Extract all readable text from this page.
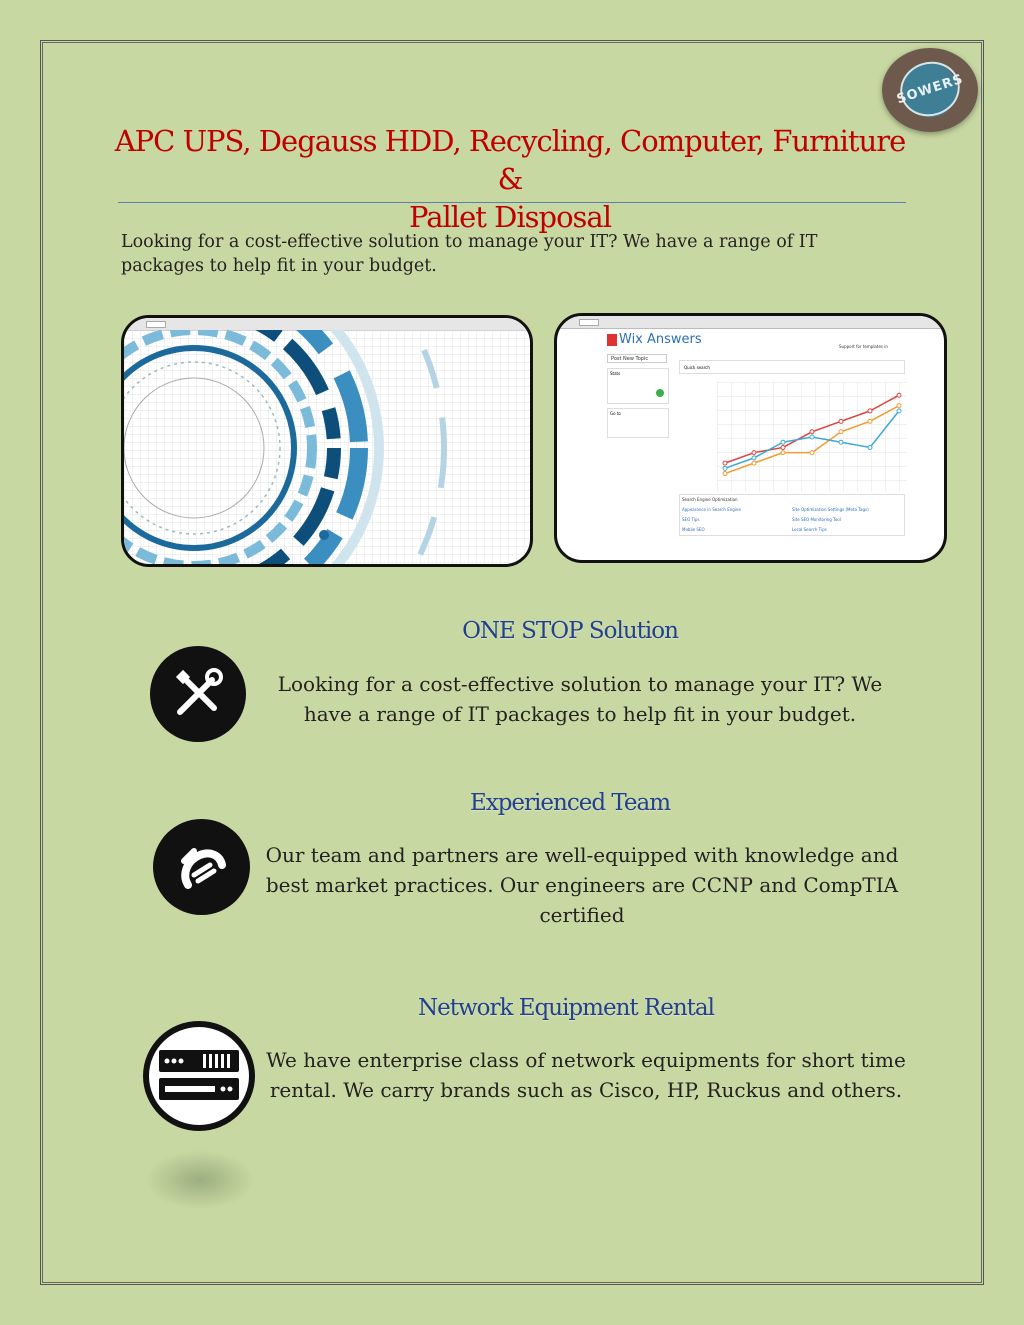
SOWERS
APC UPS, Degauss HDD, Recycling, Computer, Furniture &
Pallet Disposal
Looking for a cost-effective solution to manage your IT? We have a range of IT packages to help fit in your budget.
Wix Answers	Support for templates in
Post New Topic
Stats
Go to
Quick search
Search Engine Optimization
Appearance in Search Engine	Site Optimization Settings (Meta Tags)
SEO Tips	Site SEO Monitoring Tool
Mobile SEO	Local Search Tips
ONE STOP Solution
Looking for a cost-effective solution to manage your IT? We
have a range of IT packages to help fit in your budget.
Experienced Team
Our team and partners are well-equipped with knowledge and
best market practices. Our engineers are CCNP and CompTIA
certified
Network Equipment Rental
We have enterprise class of network equipments for short time
rental. We carry brands such as Cisco, HP, Ruckus and others.
